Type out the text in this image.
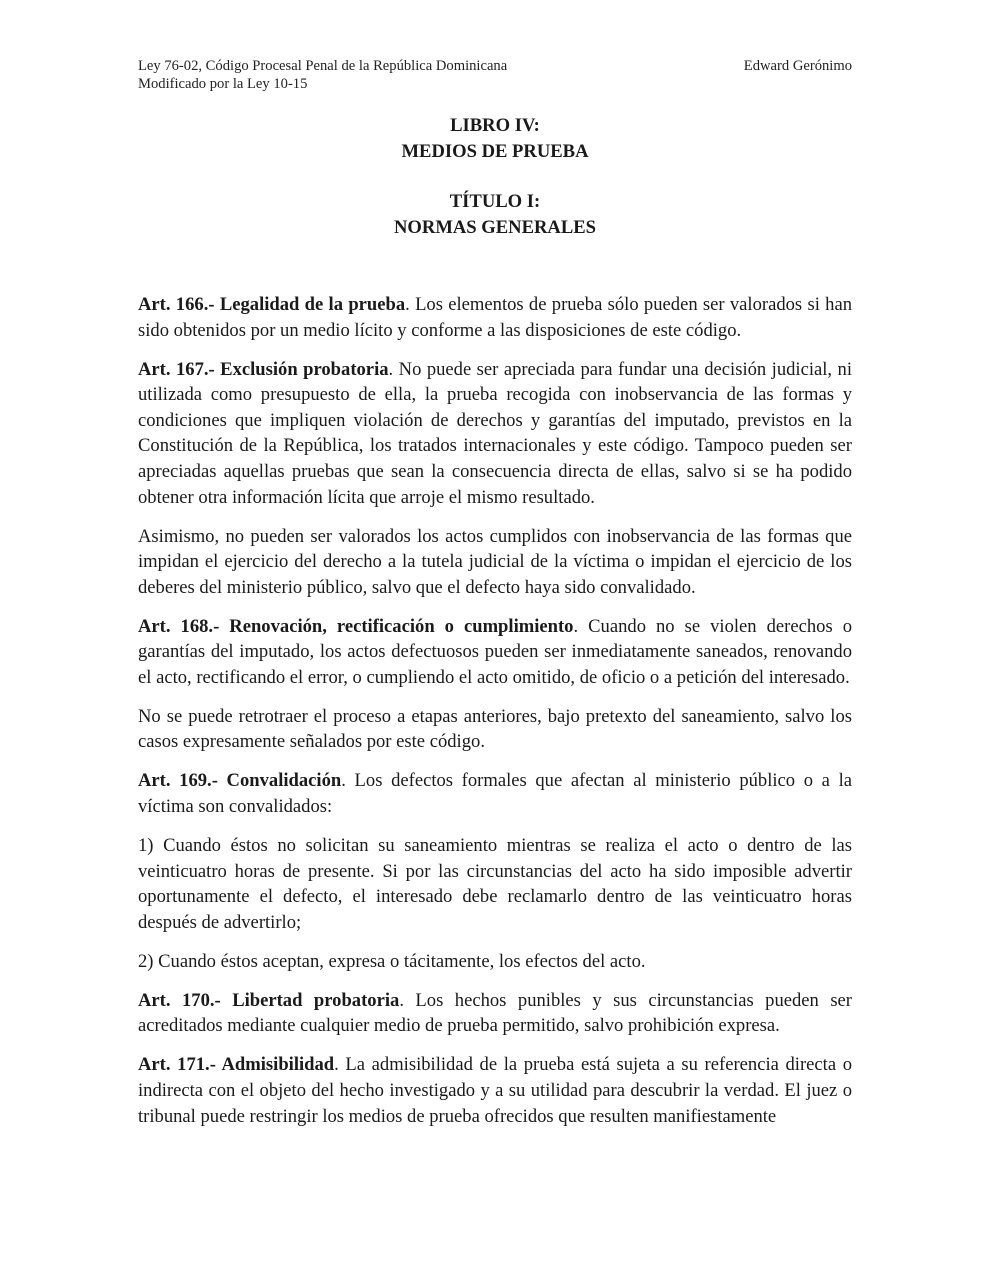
Ley 76-02, Código Procesal Penal de la República Dominicana	Edward Gerónimo
Modificado por la Ley 10-15
LIBRO IV:
MEDIOS DE PRUEBA
TÍTULO I:
NORMAS GENERALES

Art. 166.- Legalidad de la prueba. Los elementos de prueba sólo pueden ser valorados si han sido obtenidos por un medio lícito y conforme a las disposiciones de este código.

Art. 167.- Exclusión probatoria. No puede ser apreciada para fundar una decisión judicial, ni utilizada como presupuesto de ella, la prueba recogida con inobservancia de las formas y condiciones que impliquen violación de derechos y garantías del imputado, previstos en la Constitución de la República, los tratados internacionales y este código. Tampoco pueden ser apreciadas aquellas pruebas que sean la consecuencia directa de ellas, salvo si se ha podido obtener otra información lícita que arroje el mismo resultado.

Asimismo, no pueden ser valorados los actos cumplidos con inobservancia de las formas que impidan el ejercicio del derecho a la tutela judicial de la víctima o impidan el ejercicio de los deberes del ministerio público, salvo que el defecto haya sido convalidado.

Art. 168.- Renovación, rectificación o cumplimiento. Cuando no se violen derechos o garantías del imputado, los actos defectuosos pueden ser inmediatamente saneados, renovando el acto, rectificando el error, o cumpliendo el acto omitido, de oficio o a petición del interesado.

No se puede retrotraer el proceso a etapas anteriores, bajo pretexto del saneamiento, salvo los casos expresamente señalados por este código.

Art. 169.- Convalidación. Los defectos formales que afectan al ministerio público o a la víctima son convalidados:

1) Cuando éstos no solicitan su saneamiento mientras se realiza el acto o dentro de las veinticuatro horas de presente. Si por las circunstancias del acto ha sido imposible advertir oportunamente el defecto, el interesado debe reclamarlo dentro de las veinticuatro horas después de advertirlo;

2) Cuando éstos aceptan, expresa o tácitamente, los efectos del acto.

Art. 170.- Libertad probatoria. Los hechos punibles y sus circunstancias pueden ser acreditados mediante cualquier medio de prueba permitido, salvo prohibición expresa.

Art. 171.- Admisibilidad. La admisibilidad de la prueba está sujeta a su referencia directa o indirecta con el objeto del hecho investigado y a su utilidad para descubrir la verdad. El juez o tribunal puede restringir los medios de prueba ofrecidos que resulten manifiestamente
